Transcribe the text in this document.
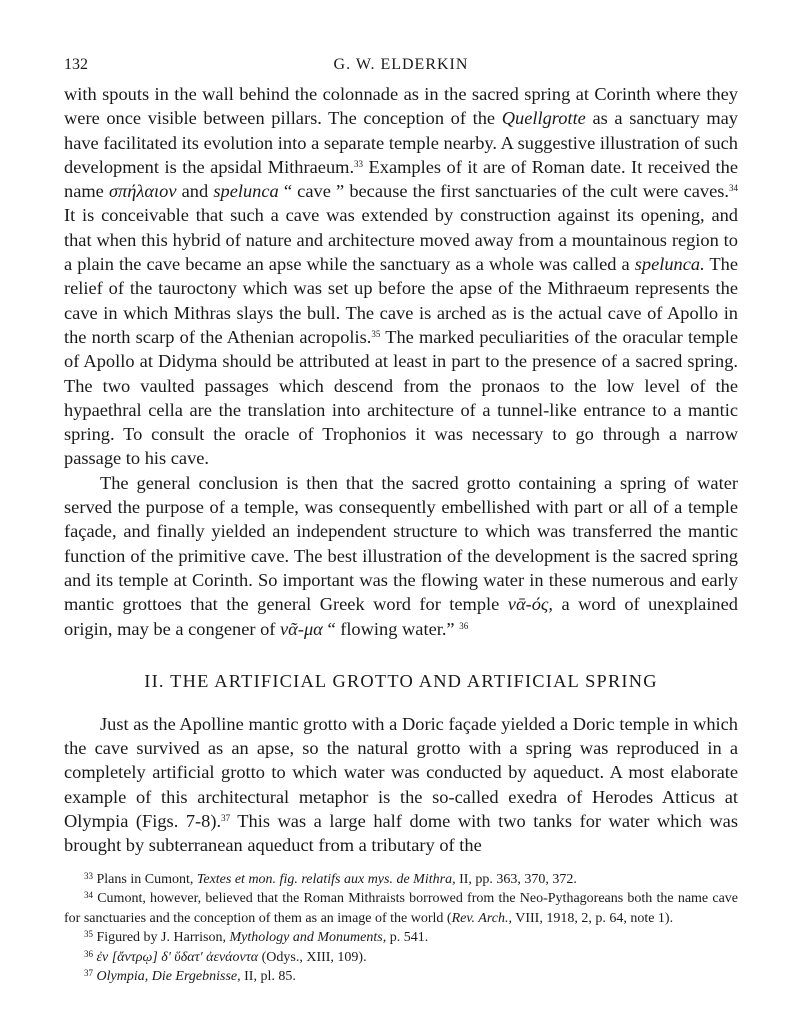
132	G. W. ELDERKIN

with spouts in the wall behind the colonnade as in the sacred spring at Corinth where they were once visible between pillars. The conception of the Quellgrotte as a sanctuary may have facilitated its evolution into a separate temple nearby. A suggestive illustration of such development is the apsidal Mithraeum.$^{33}$ Examples of it are of Roman date. It received the name σπήλαιον and spelunca “ cave ” because the first sanctuaries of the cult were caves.$^{34}$ It is conceivable that such a cave was extended by construction against its opening, and that when this hybrid of nature and architecture moved away from a mountainous region to a plain the cave became an apse while the sanctuary as a whole was called a spelunca. The relief of the tauroctony which was set up before the apse of the Mithraeum represents the cave in which Mithras slays the bull. The cave is arched as is the actual cave of Apollo in the north scarp of the Athenian acropolis.$^{35}$ The marked peculiarities of the oracular temple of Apollo at Didyma should be attributed at least in part to the presence of a sacred spring. The two vaulted passages which descend from the pronaos to the low level of the hypaethral cella are the translation into architecture of a tunnel-like entrance to a mantic spring. To consult the oracle of Trophonios it was necessary to go through a narrow passage to his cave.

The general conclusion is then that the sacred grotto containing a spring of water served the purpose of a temple, was consequently embellished with part or all of a temple façade, and finally yielded an independent structure to which was transferred the mantic function of the primitive cave. The best illustration of the development is the sacred spring and its temple at Corinth. So important was the flowing water in these numerous and early mantic grottoes that the general Greek word for temple νᾱ-ός, a word of unexplained origin, may be a congener of νᾶ-μα “ flowing water.” $^{36}$

II. THE ARTIFICIAL GROTTO AND ARTIFICIAL SPRING

Just as the Apolline mantic grotto with a Doric façade yielded a Doric temple in which the cave survived as an apse, so the natural grotto with a spring was reproduced in a completely artificial grotto to which water was conducted by aqueduct. A most elaborate example of this architectural metaphor is the so-called exedra of Herodes Atticus at Olympia (Figs. 7-8).$^{37}$ This was a large half dome with two tanks for water which was brought by subterranean aqueduct from a tributary of the

$^{33}$ Plans in Cumont, Textes et mon. fig. relatifs aux mys. de Mithra, II, pp. 363, 370, 372.
$^{34}$ Cumont, however, believed that the Roman Mithraists borrowed from the Neo-Pythagoreans both the name cave for sanctuaries and the conception of them as an image of the world (Rev. Arch., VIII, 1918, 2, p. 64, note 1).
$^{35}$ Figured by J. Harrison, Mythology and Monuments, p. 541.
$^{36}$ ἐν [ἄντρῳ] δ' ὕδατ' ἀενάοντα (Odys., XIII, 109).
$^{37}$ Olympia, Die Ergebnisse, II, pl. 85.
